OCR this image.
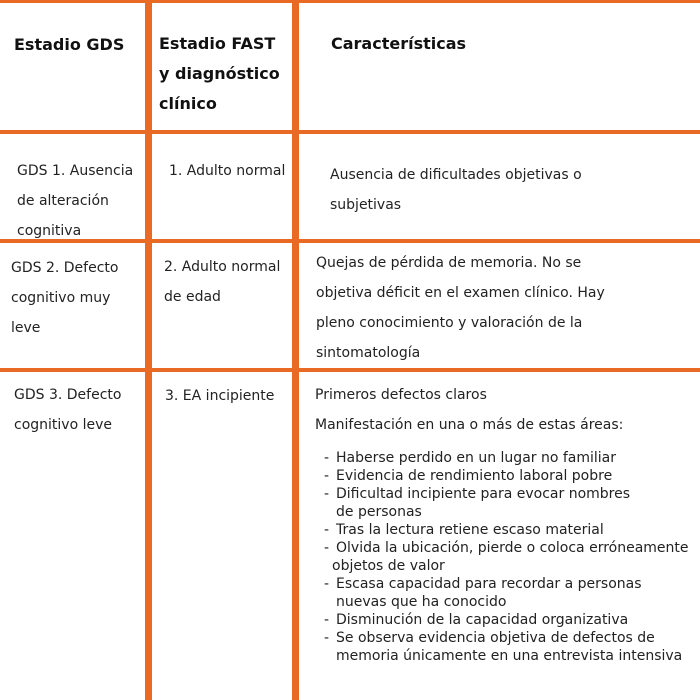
Estadio GDS Estadio FAST
y diagnóstico
clínico
Características
GDS 1. Ausencia
de alteración
cognitiva
1. Adulto normal	Ausencia de dificultades objetivas o
subjetivas
GDS 2. Defecto
cognitivo muy
leve
2. Adulto normal
de edad
Quejas de pérdida de memoria. No se
objetiva déficit en el examen clínico. Hay
pleno conocimiento y valoración de la
sintomatología
GDS 3. Defecto
cognitivo leve
3. EA incipiente	Primeros defectos claros
Manifestación en una o más de estas áreas:
- Haberse perdido en un lugar no familiar
- Evidencia de rendimiento laboral pobre
- Dificultad incipiente para evocar nombres
de personas
- Tras la lectura retiene escaso material
- Olvida la ubicación, pierde o coloca erróneamente
objetos de valor
- Escasa capacidad para recordar a personas
nuevas que ha conocido
- Disminución de la capacidad organizativa
- Se observa evidencia objetiva de defectos de
memoria únicamente en una entrevista intensiva
